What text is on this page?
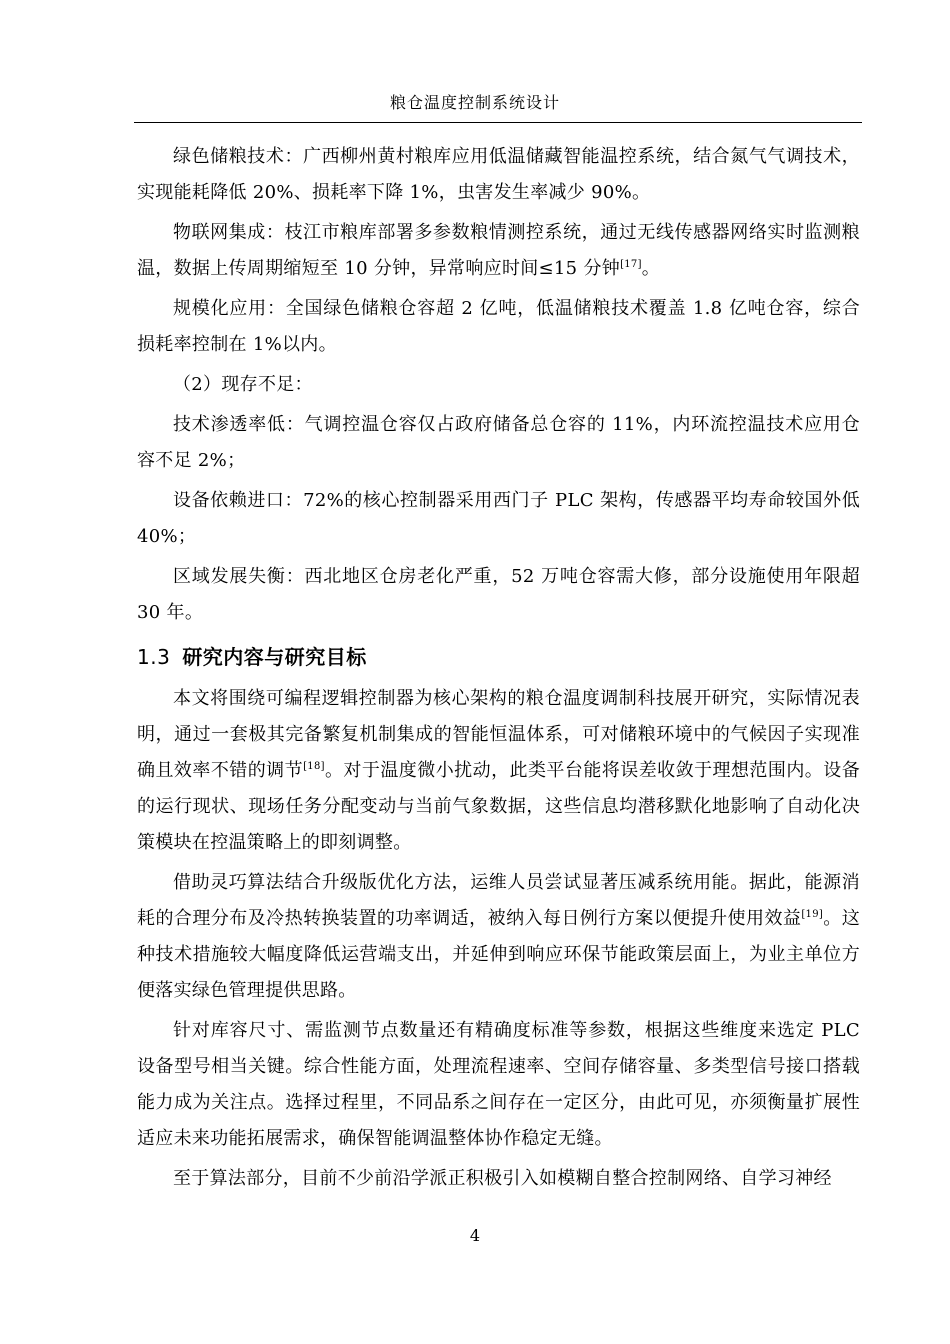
粮仓温度控制系统设计

绿色储粮技术：广西柳州黄村粮库应用低温储藏智能温控系统，结合氮气气调技术，实现能耗降低 20%、损耗率下降 1%，虫害发生率减少 90%。

物联网集成：枝江市粮库部署多参数粮情测控系统，通过无线传感器网络实时监测粮温，数据上传周期缩短至 10 分钟，异常响应时间≤15 分钟[17]。

规模化应用：全国绿色储粮仓容超 2 亿吨，低温储粮技术覆盖 1.8 亿吨仓容，综合损耗率控制在 1%以内。

（2）现存不足：

技术渗透率低：气调控温仓容仅占政府储备总仓容的 11%，内环流控温技术应用仓容不足 2%；

设备依赖进口：72%的核心控制器采用西门子 PLC 架构，传感器平均寿命较国外低 40%；

区域发展失衡：西北地区仓房老化严重，52 万吨仓容需大修，部分设施使用年限超 30 年。

1.3 研究内容与研究目标

本文将围绕可编程逻辑控制器为核心架构的粮仓温度调制科技展开研究，实际情况表明，通过一套极其完备繁复机制集成的智能恒温体系，可对储粮环境中的气候因子实现准确且效率不错的调节[18]。对于温度微小扰动，此类平台能将误差收敛于理想范围内。设备的运行现状、现场任务分配变动与当前气象数据，这些信息均潜移默化地影响了自动化决策模块在控温策略上的即刻调整。

借助灵巧算法结合升级版优化方法，运维人员尝试显著压减系统用能。据此，能源消耗的合理分布及冷热转换装置的功率调适，被纳入每日例行方案以便提升使用效益[19]。这种技术措施较大幅度降低运营端支出，并延伸到响应环保节能政策层面上，为业主单位方便落实绿色管理提供思路。

针对库容尺寸、需监测节点数量还有精确度标准等参数，根据这些维度来选定 PLC 设备型号相当关键。综合性能方面，处理流程速率、空间存储容量、多类型信号接口搭载能力成为关注点。选择过程里，不同品系之间存在一定区分，由此可见，亦须衡量扩展性适应未来功能拓展需求，确保智能调温整体协作稳定无缝。

至于算法部分，目前不少前沿学派正积极引入如模糊自整合控制网络、自学习神经

4
